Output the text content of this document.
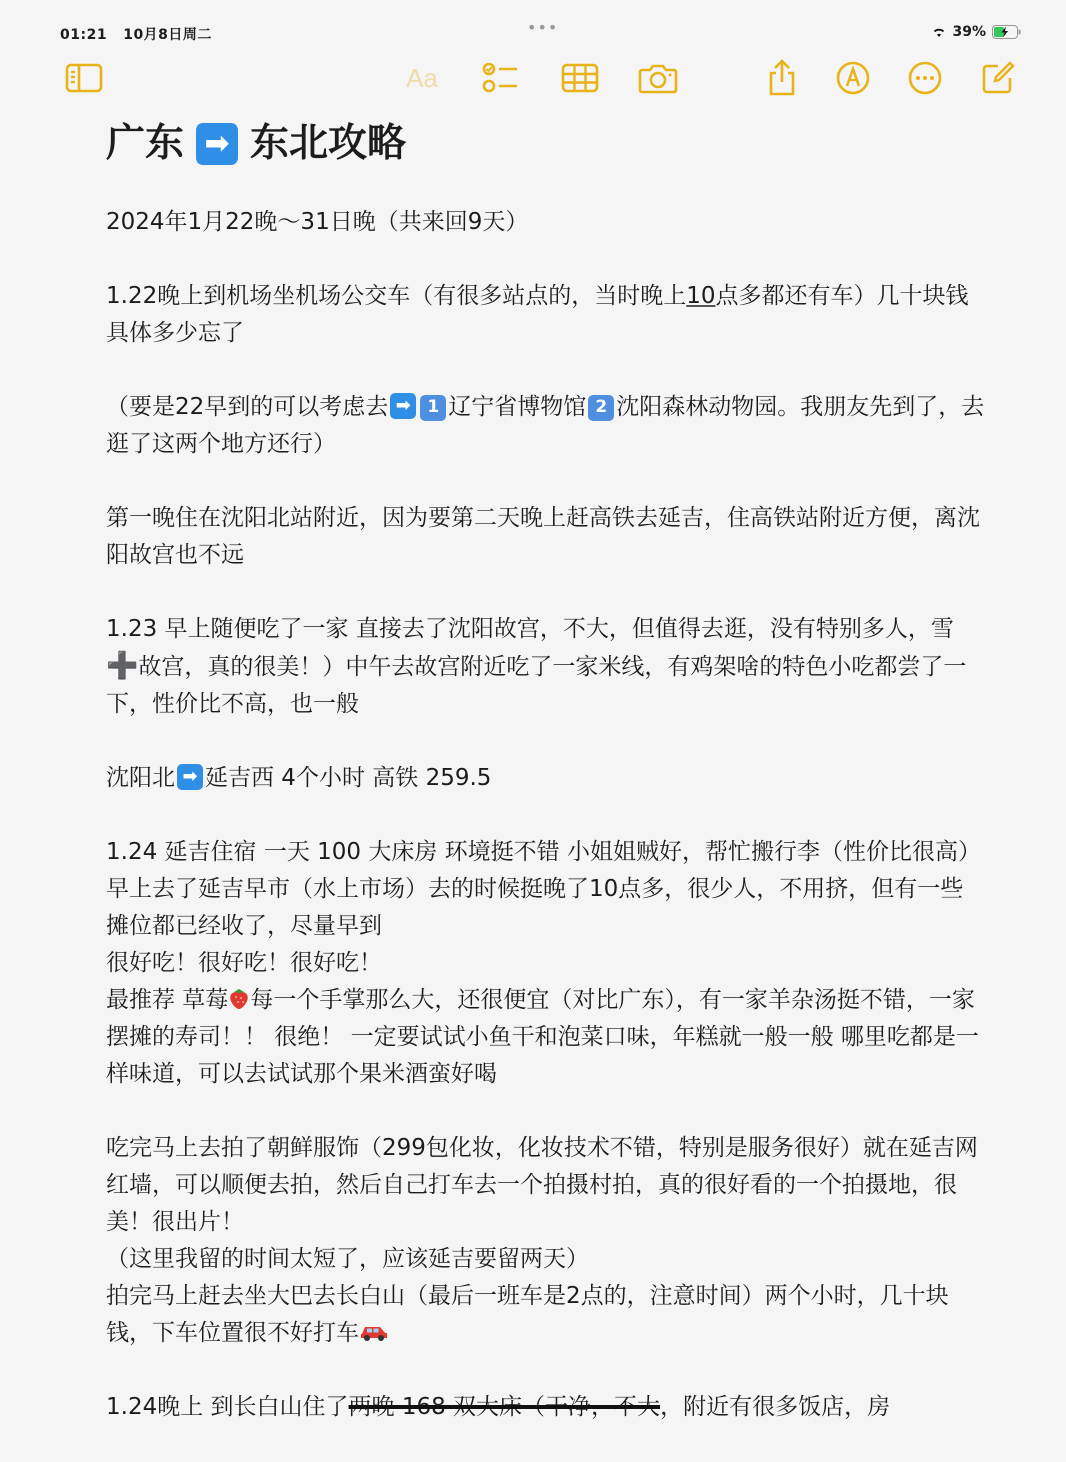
01:21 10月8日周二	•••	39%
Aa
广东 ➡ 东北攻略

2024年1月22晚～31日晚（共来回9天）

1.22晚上到机场坐机场公交车（有很多站点的，当时晚上10点多都还有车）几十块钱具体多少忘了

（要是22早到的可以考虑去 ➡ 1 辽宁省博物馆 2 沈阳森林动物园。我朋友先到了，去逛了这两个地方还行）

第一晚住在沈阳北站附近，因为要第二天晚上赶高铁去延吉，住高铁站附近方便，离沈阳故宫也不远

1.23 早上随便吃了一家 直接去了沈阳故宫，不大，但值得去逛，没有特别多人，雪➕故宫，真的很美！）中午去故宫附近吃了一家米线，有鸡架啥的特色小吃都尝了一下，性价比不高，也一般

沈阳北 ➡ 延吉西 4个小时 高铁 259.5

1.24 延吉住宿 一天 100 大床房 环境挺不错 小姐姐贼好，帮忙搬行李（性价比很高）

早上去了延吉早市（水上市场）去的时候挺晚了10点多，很少人，不用挤，但有一些摊位都已经收了，尽量早到

很好吃！很好吃！很好吃！

最推荐 草莓 每一个手掌那么大，还很便宜（对比广东），有一家羊杂汤挺不错，一家摆摊的寿司！！ 很绝！ 一定要试试小鱼干和泡菜口味，年糕就一般一般 哪里吃都是一样味道，可以去试试那个果米酒蛮好喝

吃完马上去拍了朝鲜服饰（299包化妆，化妆技术不错，特别是服务很好）就在延吉网红墙，可以顺便去拍，然后自己打车去一个拍摄村拍，真的很好看的一个拍摄地，很美！很出片！

（这里我留的时间太短了，应该延吉要留两天）

拍完马上赶去坐大巴去长白山（最后一班车是2点的，注意时间）两个小时，几十块钱，下车位置很不好打车

1.24晚上 到长白山住了两晚 168 双大床（干净，不大，附近有很多饭店，房
